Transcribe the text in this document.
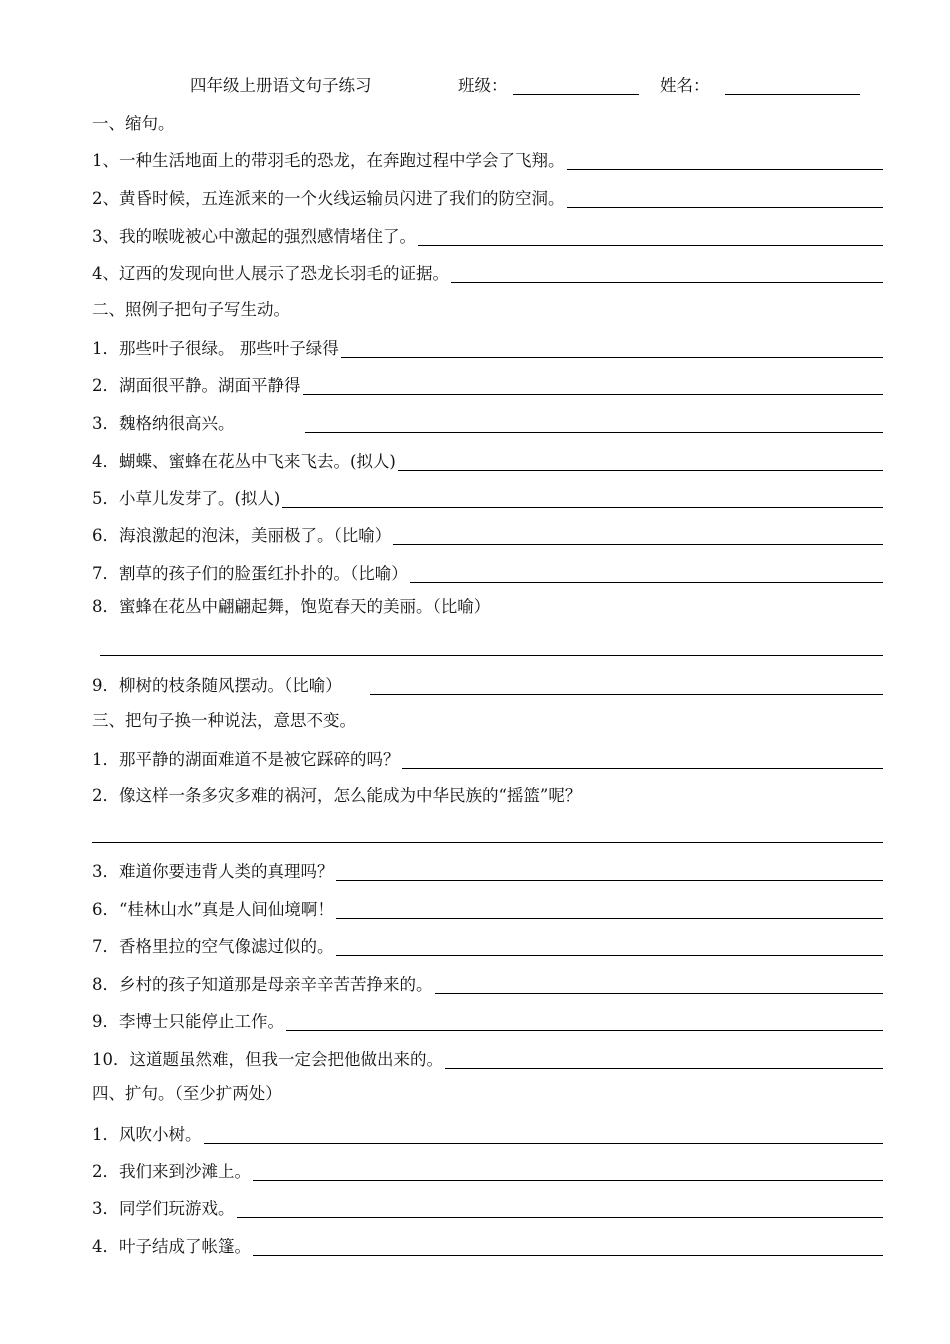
四年级上册语文句子练习	班级：	姓名：
一、缩句。
1、一种生活地面上的带羽毛的恐龙，在奔跑过程中学会了飞翔。
2、黄昏时候，五连派来的一个火线运输员闪进了我们的防空洞。
3、我的喉咙被心中激起的强烈感情堵住了。
4、辽西的发现向世人展示了恐龙长羽毛的证据。
二、照例子把句子写生动。
1．那些叶子很绿。 那些叶子绿得
2．湖面很平静。湖面平静得
3．魏格纳很高兴。
4．蝴蝶、蜜蜂在花丛中飞来飞去。(拟人)
5．小草儿发芽了。(拟人)
6．海浪激起的泡沫，美丽极了。（比喻）
7．割草的孩子们的脸蛋红扑扑的。（比喻）
8．蜜蜂在花丛中翩翩起舞，饱览春天的美丽。（比喻）
9．柳树的枝条随风摆动。（比喻）
三、把句子换一种说法，意思不变。
1．那平静的湖面难道不是被它踩碎的吗？
2．像这样一条多灾多难的祸河，怎么能成为中华民族的“摇篮”呢？
3．难道你要违背人类的真理吗？
6．“桂林山水”真是人间仙境啊！
7．香格里拉的空气像滤过似的。
8．乡村的孩子知道那是母亲辛辛苦苦挣来的。
9．李博士只能停止工作。
10．这道题虽然难，但我一定会把他做出来的。
四、扩句。（至少扩两处）
1．风吹小树。
2．我们来到沙滩上。
3．同学们玩游戏。
4．叶子结成了帐篷。
